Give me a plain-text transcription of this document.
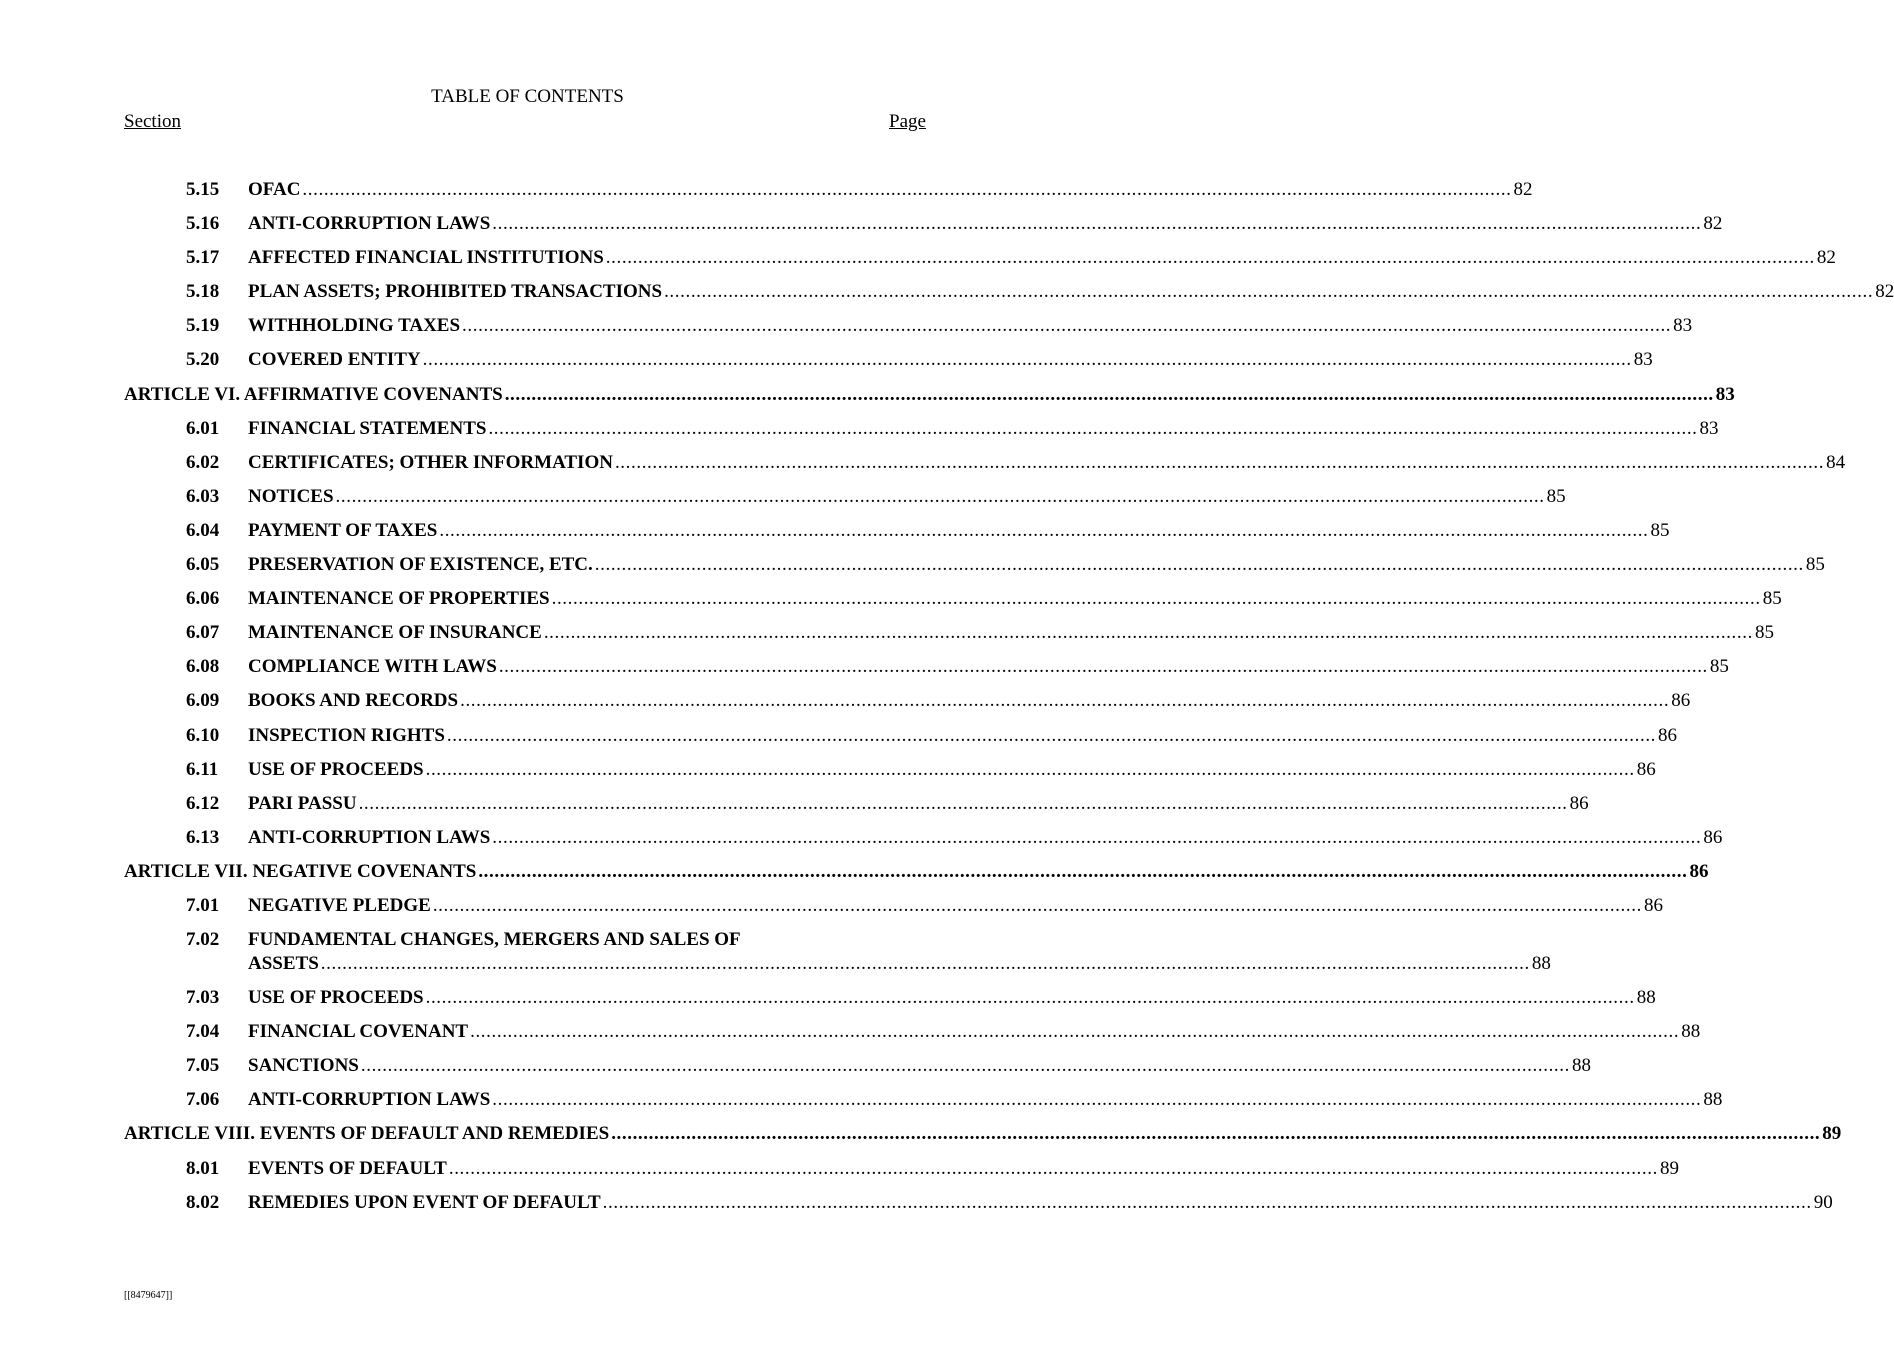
TABLE OF CONTENTS
Section	Page
5.15 OFAC .................................................................................................................................................................................................................................. 82
5.16 ANTI-CORRUPTION LAWS .................................................................................................................................................................................................................................. 82
5.17 AFFECTED FINANCIAL INSTITUTIONS .................................................................................................................................................................................................................................. 82
5.18 PLAN ASSETS; PROHIBITED TRANSACTIONS .................................................................................................................................................................................................................................. 82
5.19 WITHHOLDING TAXES .................................................................................................................................................................................................................................. 83
5.20 COVERED ENTITY .................................................................................................................................................................................................................................. 83
ARTICLE VI. AFFIRMATIVE COVENANTS .................................................................................................................................................................................................................................. 83
6.01 FINANCIAL STATEMENTS .................................................................................................................................................................................................................................. 83
6.02 CERTIFICATES; OTHER INFORMATION .................................................................................................................................................................................................................................. 84
6.03 NOTICES .................................................................................................................................................................................................................................. 85
6.04 PAYMENT OF TAXES .................................................................................................................................................................................................................................. 85
6.05 PRESERVATION OF EXISTENCE, ETC. .................................................................................................................................................................................................................................. 85
6.06 MAINTENANCE OF PROPERTIES .................................................................................................................................................................................................................................. 85
6.07 MAINTENANCE OF INSURANCE .................................................................................................................................................................................................................................. 85
6.08 COMPLIANCE WITH LAWS .................................................................................................................................................................................................................................. 85
6.09 BOOKS AND RECORDS .................................................................................................................................................................................................................................. 86
6.10 INSPECTION RIGHTS .................................................................................................................................................................................................................................. 86
6.11 USE OF PROCEEDS .................................................................................................................................................................................................................................. 86
6.12 PARI PASSU .................................................................................................................................................................................................................................. 86
6.13 ANTI-CORRUPTION LAWS .................................................................................................................................................................................................................................. 86
ARTICLE VII. NEGATIVE COVENANTS .................................................................................................................................................................................................................................. 86
7.01 NEGATIVE PLEDGE .................................................................................................................................................................................................................................. 86
7.02 FUNDAMENTAL CHANGES, MERGERS AND SALES OF
ASSETS .................................................................................................................................................................................................................................. 88
7.03 USE OF PROCEEDS .................................................................................................................................................................................................................................. 88
7.04 FINANCIAL COVENANT .................................................................................................................................................................................................................................. 88
7.05 SANCTIONS .................................................................................................................................................................................................................................. 88
7.06 ANTI-CORRUPTION LAWS .................................................................................................................................................................................................................................. 88
ARTICLE VIII. EVENTS OF DEFAULT AND REMEDIES .................................................................................................................................................................................................................................. 89
8.01 EVENTS OF DEFAULT .................................................................................................................................................................................................................................. 89
8.02 REMEDIES UPON EVENT OF DEFAULT .................................................................................................................................................................................................................................. 90
[[8479647]]
